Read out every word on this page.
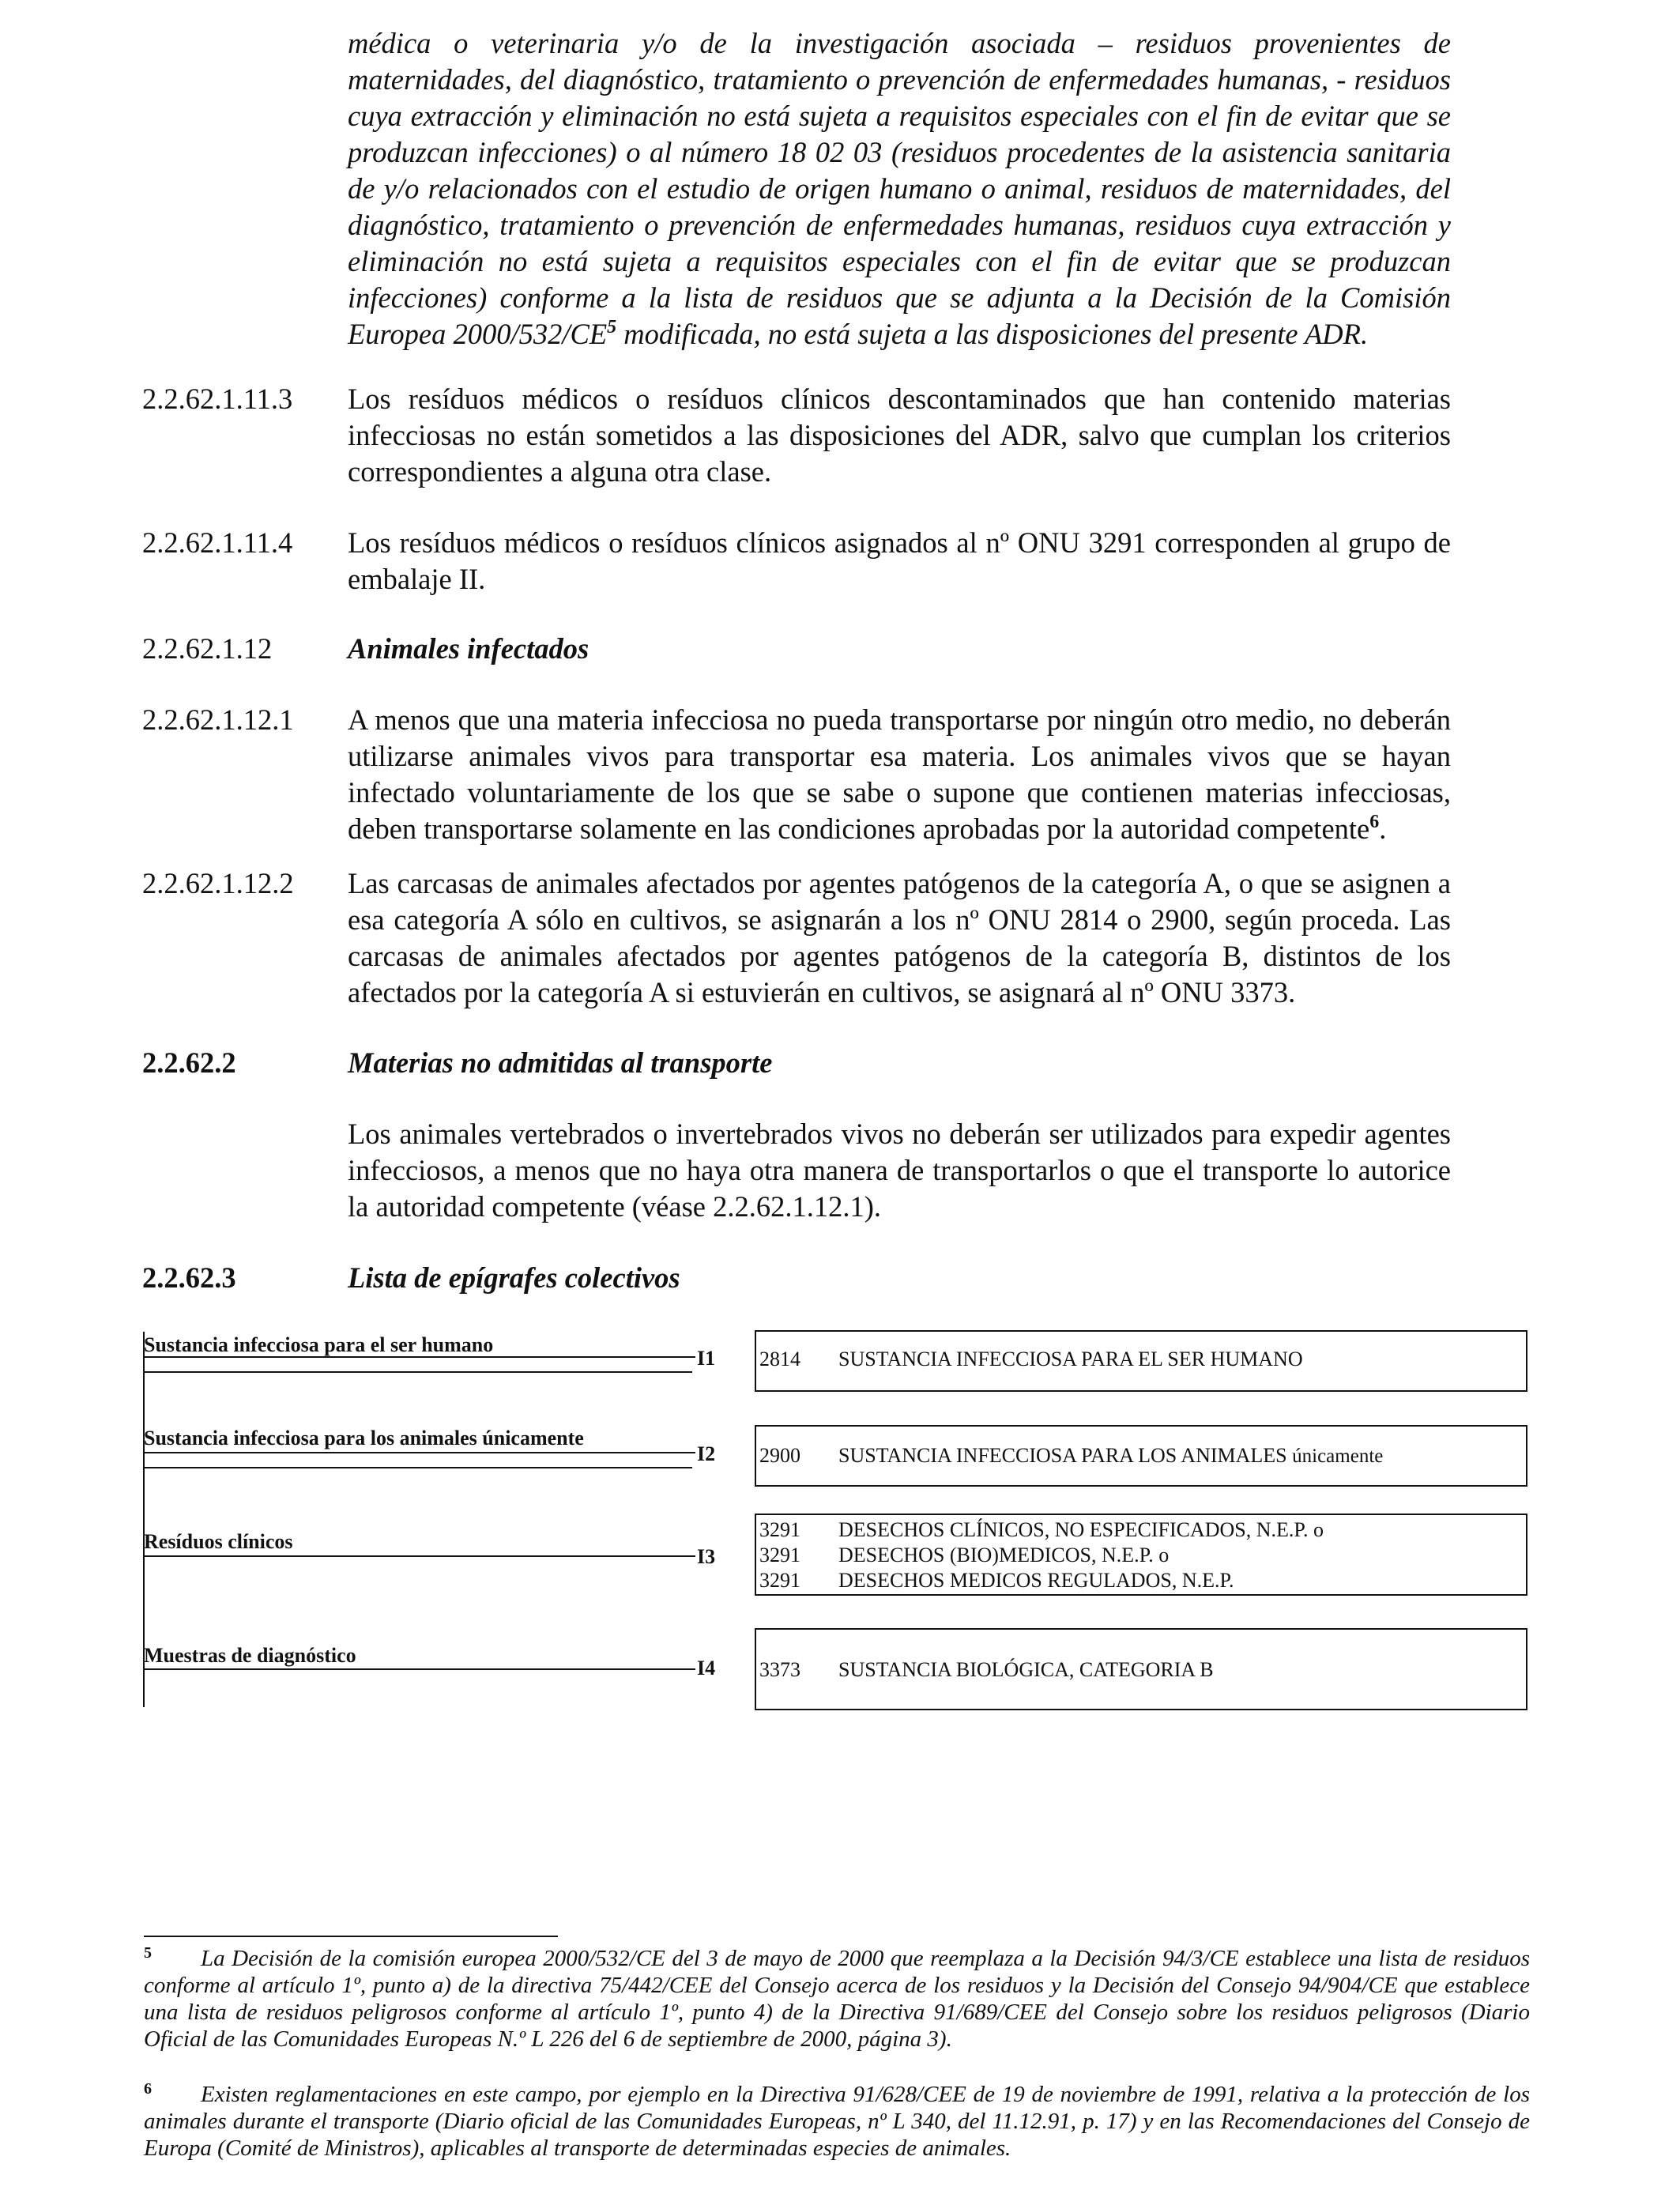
médica o veterinaria y/o de la investigación asociada – residuos provenientes de maternidades, del diagnóstico, tratamiento o prevención de enfermedades humanas, - residuos cuya extracción y eliminación no está sujeta a requisitos especiales con el fin de evitar que se produzcan infecciones) o al número 18 02 03 (residuos procedentes de la asistencia sanitaria de y/o relacionados con el estudio de origen humano o animal, residuos de maternidades, del diagnóstico, tratamiento o prevención de enfermedades humanas, residuos cuya extracción y eliminación no está sujeta a requisitos especiales con el fin de evitar que se produzcan infecciones) conforme a la lista de residuos que se adjunta a la Decisión de la Comisión Europea $2000/532/CE^5$ modificada, no está sujeta a las disposiciones del presente ADR.

2.2.62.1.11.3 Los resíduos médicos o resíduos clínicos descontaminados que han contenido materias infecciosas no están sometidos a las disposiciones del ADR, salvo que cumplan los criterios correspondientes a alguna otra clase.

2.2.62.1.11.4 Los resíduos médicos o resíduos clínicos asignados al nº ONU 3291 corresponden al grupo de embalaje II.

2.2.62.1.12	Animales infectados

2.2.62.1.12.1 A menos que una materia infecciosa no pueda transportarse por ningún otro medio, no deberán utilizarse animales vivos para transportar esa materia. Los animales vivos que se hayan infectado voluntariamente de los que se sabe o supone que contienen materias infecciosas, deben transportarse solamente en las condiciones aprobadas por la autoridad competente$^6$.

2.2.62.1.12.2 Las carcasas de animales afectados por agentes patógenos de la categoría A, o que se asignen a esa categoría A sólo en cultivos, se asignarán a los nº ONU 2814 o 2900, según proceda. Las carcasas de animales afectados por agentes patógenos de la categoría B, distintos de los afectados por la categoría A si estuvierán en cultivos, se asignará al nº ONU 3373.

2.2.62.2	Materias no admitidas al transporte

Los animales vertebrados o invertebrados vivos no deberán ser utilizados para expedir agentes infecciosos, a menos que no haya otra manera de transportarlos o que el transporte lo autorice la autoridad competente (véase 2.2.62.1.12.1).

2.2.62.3	Lista de epígrafes colectivos

Sustancia infecciosa para el ser humano
I1 2814 SUSTANCIA INFECCIOSA PARA EL SER HUMANO
Sustancia infecciosa para los animales únicamente
I2 2900 SUSTANCIA INFECCIOSA PARA LOS ANIMALES únicamente
Resíduos clínicos
I3
3291 DESECHOS CLÍNICOS, NO ESPECIFICADOS, N.E.P. o
3291 DESECHOS (BIO)MEDICOS, N.E.P. o
3291 DESECHOS MEDICOS REGULADOS, N.E.P.
Muestras de diagnóstico
I4 3373 SUSTANCIA BIOLÓGICA, CATEGORIA B

$^5$ La Decisión de la comisión europea 2000/532/CE del 3 de mayo de 2000 que reemplaza a la Decisión 94/3/CE establece una lista de residuos conforme al artículo 1º, punto a) de la directiva 75/442/CEE del Consejo acerca de los residuos y la Decisión del Consejo 94/904/CE que establece una lista de residuos peligrosos conforme al artículo 1º, punto 4) de la Directiva 91/689/CEE del Consejo sobre los residuos peligrosos (Diario Oficial de las Comunidades Europeas N.º L 226 del 6 de septiembre de 2000, página 3).

$^6$ Existen reglamentaciones en este campo, por ejemplo en la Directiva 91/628/CEE de 19 de noviembre de 1991, relativa a la protección de los animales durante el transporte (Diario oficial de las Comunidades Europeas, nº L 340, del 11.12.91, p. 17) y en las Recomendaciones del Consejo de Europa (Comité de Ministros), aplicables al transporte de determinadas especies de animales.
